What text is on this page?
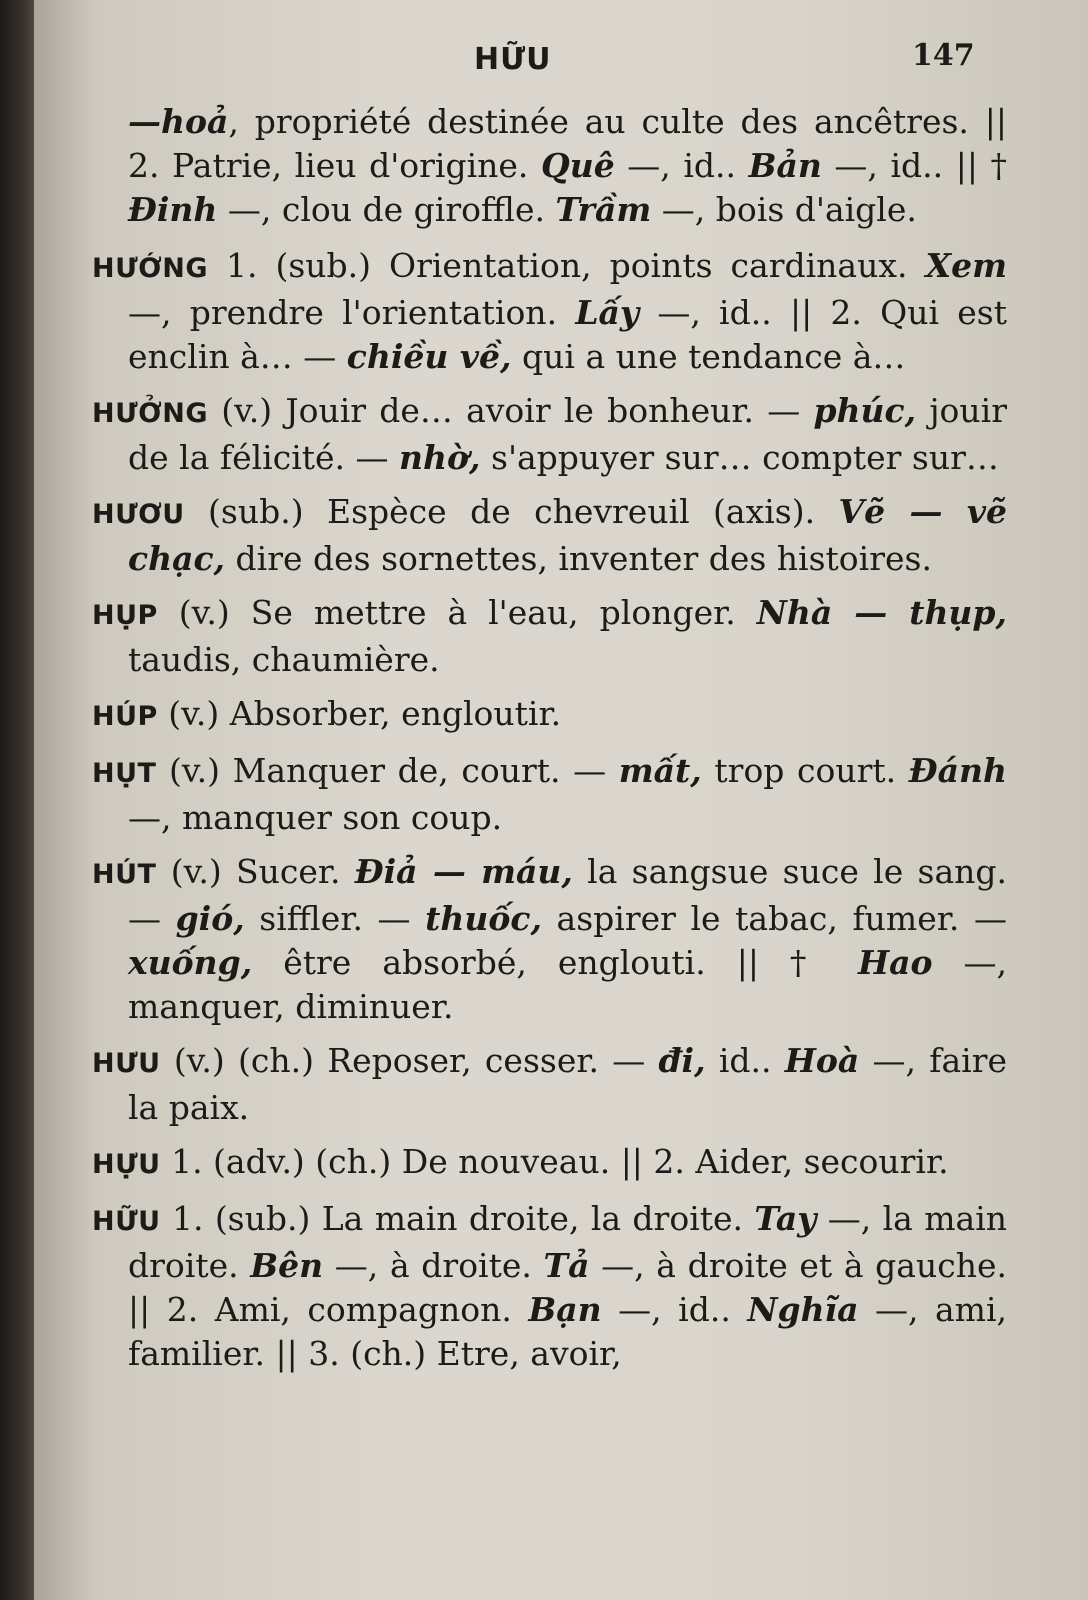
HỮU	147

—hoả, propriété destinée au culte des ancêtres. || 2. Patrie, lieu d'origine. Quê —, id.. Bản —, id.. || † Đinh —, clou de giroffle. Trầm —, bois d'aigle.

HƯỚNG 1. (sub.) Orientation, points cardinaux. Xem —, prendre l'orientation. Lấy —, id.. || 2. Qui est enclin à… — chiều về, qui a une tendance à…

HƯỞNG (v.) Jouir de… avoir le bonheur. — phúc, jouir de la félicité. — nhờ, s'appuyer sur… compter sur…

HƯƠU (sub.) Espèce de chevreuil (axis). Vẽ — vẽ chạc, dire des sornettes, inventer des histoires.

HỤP (v.) Se mettre à l'eau, plonger. Nhà — thụp, taudis, chaumière.

HÚP (v.) Absorber, engloutir.

HỤT (v.) Manquer de, court. — mất, trop court. Đánh —, manquer son coup.

HÚT (v.) Sucer. Điả — máu, la sangsue suce le sang. — gió, siffler. — thuốc, aspirer le tabac, fumer. — xuống, être absorbé, englouti. || † Hao —, manquer, diminuer.

HƯU (v.) (ch.) Reposer, cesser. — đi, id.. Hoà —, faire la paix.

HỰU 1. (adv.) (ch.) De nouveau. || 2. Aider, secourir.

HỮU 1. (sub.) La main droite, la droite. Tay —, la main droite. Bên —, à droite. Tả —, à droite et à gauche. || 2. Ami, compagnon. Bạn —, id.. Nghĩa —, ami, familier. || 3. (ch.) Etre, avoir,
